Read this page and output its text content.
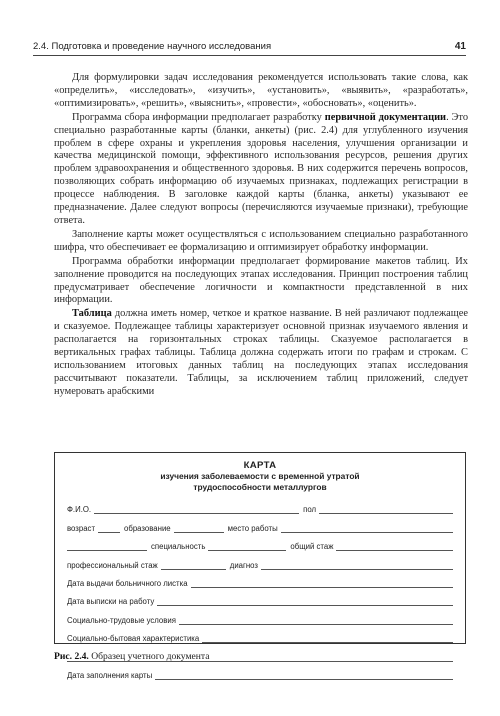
2.4. Подготовка и проведение научного исследования	41

Для формулировки задач исследования рекомендуется использовать такие слова, как «определить», «исследовать», «изучить», «установить», «выявить», «разработать», «оптимизировать», «решить», «выяснить», «провести», «обосновать», «оценить».

Программа сбора информации предполагает разработку первичной документации. Это специально разработанные карты (бланки, анкеты) (рис. 2.4) для углубленного изучения проблем в сфере охраны и укрепления здоровья населения, улучшения организации и качества медицинской помощи, эффективного использования ресурсов, решения других проблем здравоохранения и общественного здоровья. В них содержится перечень вопросов, позволяющих собрать информацию об изучаемых признаках, подлежащих регистрации в процессе наблюдения. В заголовке каждой карты (бланка, анкеты) указывают ее предназначение. Далее следуют вопросы (перечисляются изучаемые признаки), требующие ответа.

Заполнение карты может осуществляться с использованием специально разработанного шифра, что обеспечивает ее формализацию и оптимизирует обработку информации.

Программа обработки информации предполагает формирование макетов таблиц. Их заполнение проводится на последующих этапах исследования. Принцип построения таблиц предусматривает обеспечение логичности и компактности представленной в них информации.

Таблица должна иметь номер, четкое и краткое название. В ней различают подлежащее и сказуемое. Подлежащее таблицы характеризует основной признак изучаемого явления и располагается на горизонтальных строках таблицы. Сказуемое располагается в вертикальных графах таблицы. Таблица должна содержать итоги по графам и строкам. С использованием итоговых данных таблиц на последующих этапах исследования рассчитывают показатели. Таблицы, за исключением таблиц приложений, следует нумеровать арабскими

КАРТА
изучения заболеваемости с временной утратой
трудоспособности металлургов
Ф.И.О.	пол
возраст	образование	место работы
специальность	общий стаж
профессиональный стаж	диагноз
Дата выдачи больничного листка
Дата выписки на работу
Социально-трудовые условия
Социально-бытовая характеристика
Дата заполнения карты
Рис. 2.4. Образец учетного документа
